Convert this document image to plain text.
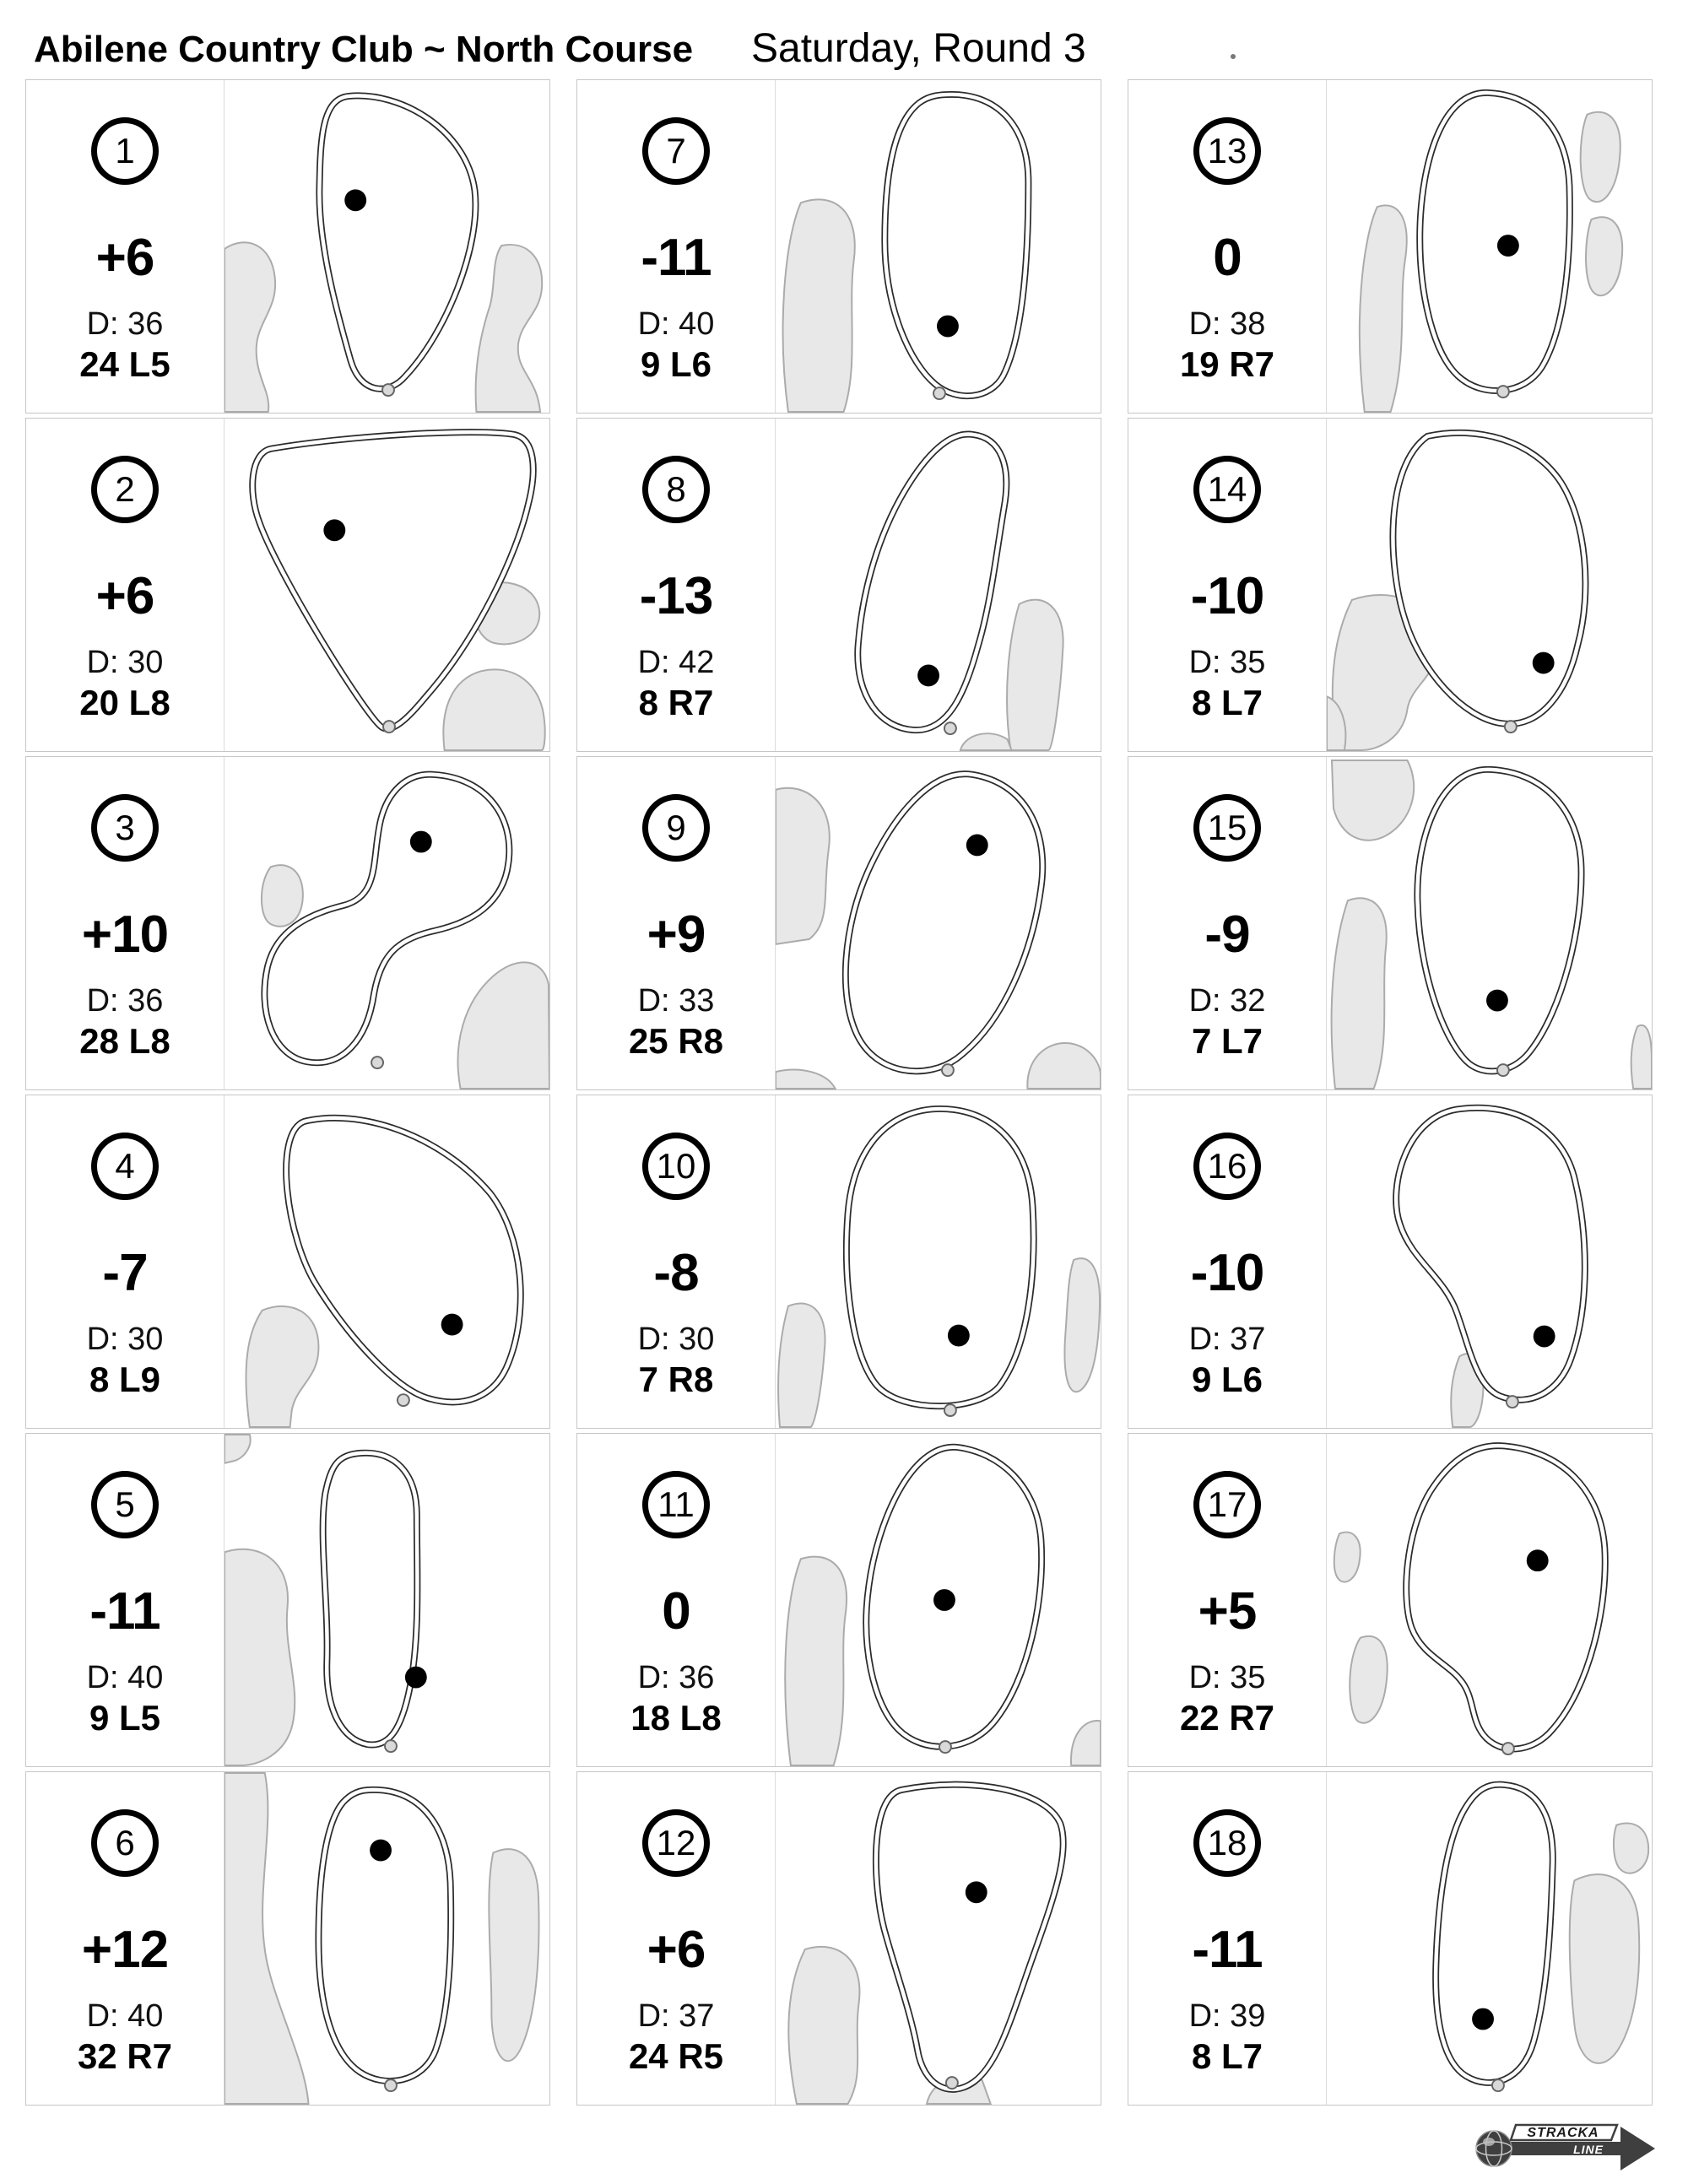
Abilene Country Club ~ North Course Saturday, Round 3
1
+6
D: 36
24 L5
7
-11
D: 40
9 L6
13
0
D: 38
19 R7
2
+6
D: 30
20 L8
8
-13
D: 42
8 R7
14
-10
D: 35
8 L7
3
+10
D: 36
28 L8
9
+9
D: 33
25 R8
15
-9
D: 32
7 L7
4
-7
D: 30
8 L9
10
-8
D: 30
7 R8
16
-10
D: 37
9 L6
5
-11
D: 40
9 L5
11
0
D: 36
18 L8
17
+5
D: 35
22 R7
6
+12
D: 40
32 R7
12
+6
D: 37
24 R5
18
-11
D: 39
8 L7
STRACKA
LINE
